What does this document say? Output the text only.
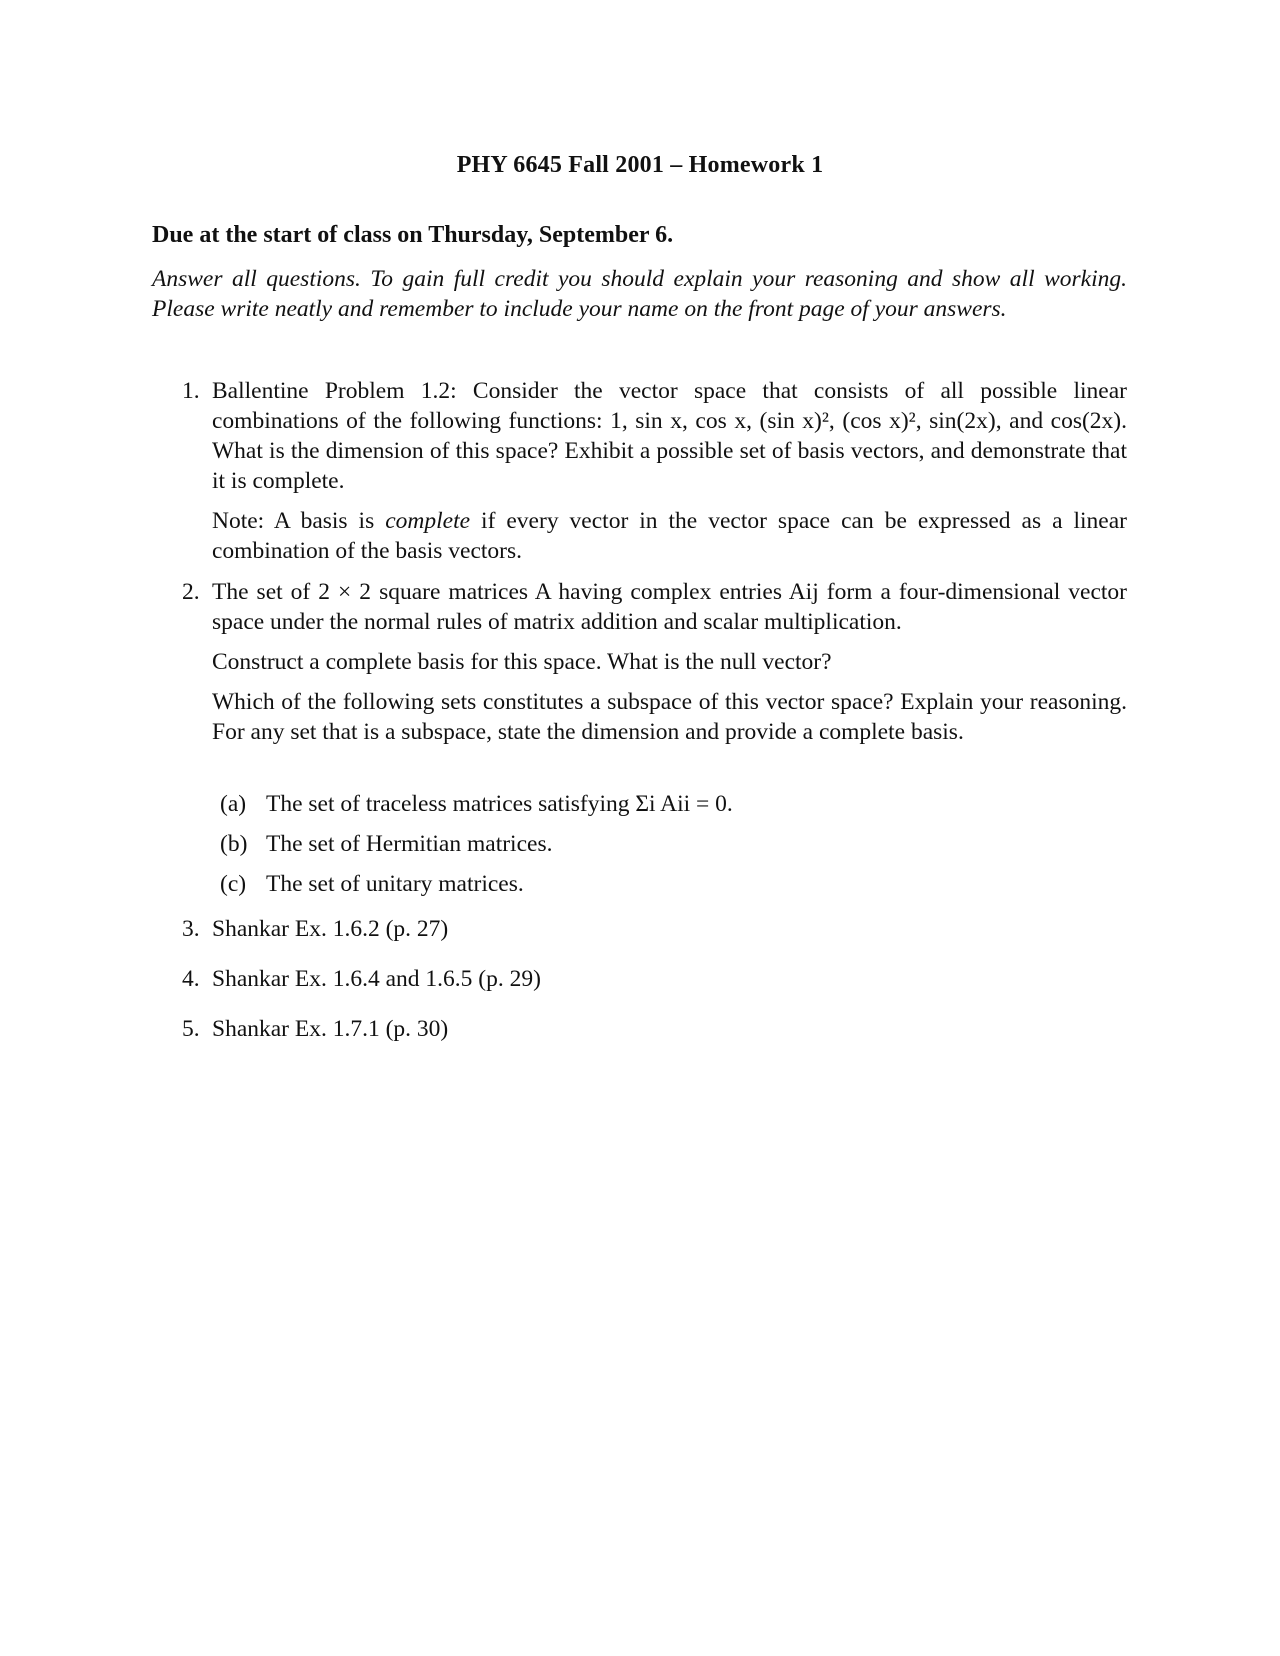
PHY 6645 Fall 2001 – Homework 1
Due at the start of class on Thursday, September 6.

Answer all questions. To gain full credit you should explain your reasoning and show all working. Please write neatly and remember to include your name on the front page of your answers.

1. Ballentine Problem 1.2: Consider the vector space that consists of all possible linear combinations of the following functions: 1, sin x, cos x, (sin x)², (cos x)², sin(2x), and cos(2x). What is the dimension of this space? Exhibit a possible set of basis vectors, and demonstrate that it is complete.

Note: A basis is complete if every vector in the vector space can be expressed as a linear combination of the basis vectors.

2. The set of 2 × 2 square matrices A having complex entries Aij form a four-dimensional vector space under the normal rules of matrix addition and scalar multiplication.

Construct a complete basis for this space. What is the null vector?

Which of the following sets constitutes a subspace of this vector space? Explain your reasoning. For any set that is a subspace, state the dimension and provide a complete basis.

(a) The set of traceless matrices satisfying Σi Aii = 0.
(b) The set of Hermitian matrices.
(c) The set of unitary matrices.
3. Shankar Ex. 1.6.2 (p. 27)

4. Shankar Ex. 1.6.4 and 1.6.5 (p. 29)

5. Shankar Ex. 1.7.1 (p. 30)
